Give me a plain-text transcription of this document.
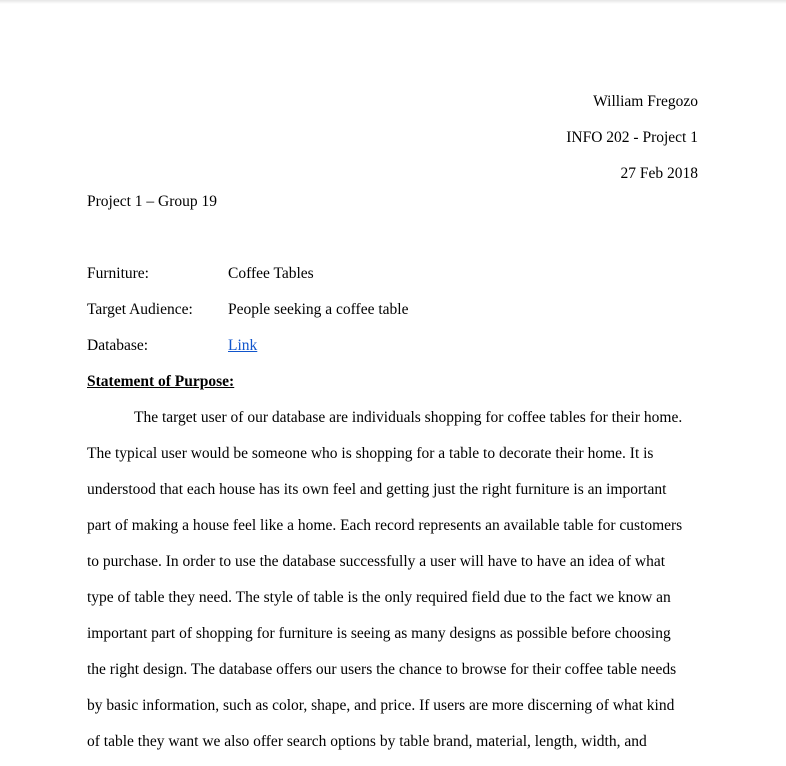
William Fregozo
INFO 202 - Project 1
27 Feb 2018
Project 1 – Group 19
Furniture:	Coffee Tables
Target Audience:	People seeking a coffee table
Database:	Link
Statement of Purpose:
The target user of our database are individuals shopping for coffee tables for their home.
The typical user would be someone who is shopping for a table to decorate their home. It is
understood that each house has its own feel and getting just the right furniture is an important
part of making a house feel like a home. Each record represents an available table for customers
to purchase. In order to use the database successfully a user will have to have an idea of what
type of table they need. The style of table is the only required field due to the fact we know an
important part of shopping for furniture is seeing as many designs as possible before choosing
the right design. The database offers our users the chance to browse for their coffee table needs
by basic information, such as color, shape, and price. If users are more discerning of what kind
of table they want we also offer search options by table brand, material, length, width, and
